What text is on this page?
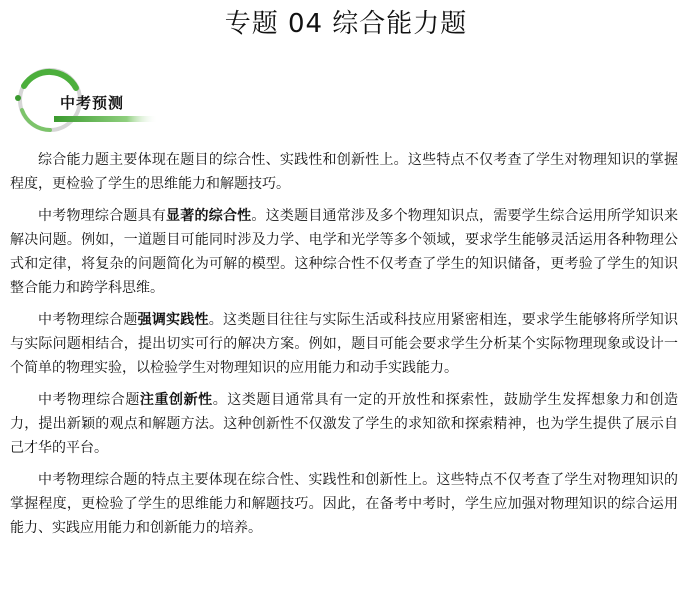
专题 04 综合能力题
中考预测

综合能力题主要体现在题目的综合性、实践性和创新性上。这些特点不仅考查了学生对物理知识的掌握程度，更检验了学生的思维能力和解题技巧。

中考物理综合题具有显著的综合性。这类题目通常涉及多个物理知识点，需要学生综合运用所学知识来解决问题。例如，一道题目可能同时涉及力学、电学和光学等多个领域，要求学生能够灵活运用各种物理公式和定律，将复杂的问题简化为可解的模型。这种综合性不仅考查了学生的知识储备，更考验了学生的知识整合能力和跨学科思维。

中考物理综合题强调实践性。这类题目往往与实际生活或科技应用紧密相连，要求学生能够将所学知识与实际问题相结合，提出切实可行的解决方案。例如，题目可能会要求学生分析某个实际物理现象或设计一个简单的物理实验，以检验学生对物理知识的应用能力和动手实践能力。

中考物理综合题注重创新性。这类题目通常具有一定的开放性和探索性，鼓励学生发挥想象力和创造力，提出新颖的观点和解题方法。这种创新性不仅激发了学生的求知欲和探索精神，也为学生提供了展示自己才华的平台。

中考物理综合题的特点主要体现在综合性、实践性和创新性上。这些特点不仅考查了学生对物理知识的掌握程度，更检验了学生的思维能力和解题技巧。因此，在备考中考时，学生应加强对物理知识的综合运用能力、实践应用能力和创新能力的培养。
